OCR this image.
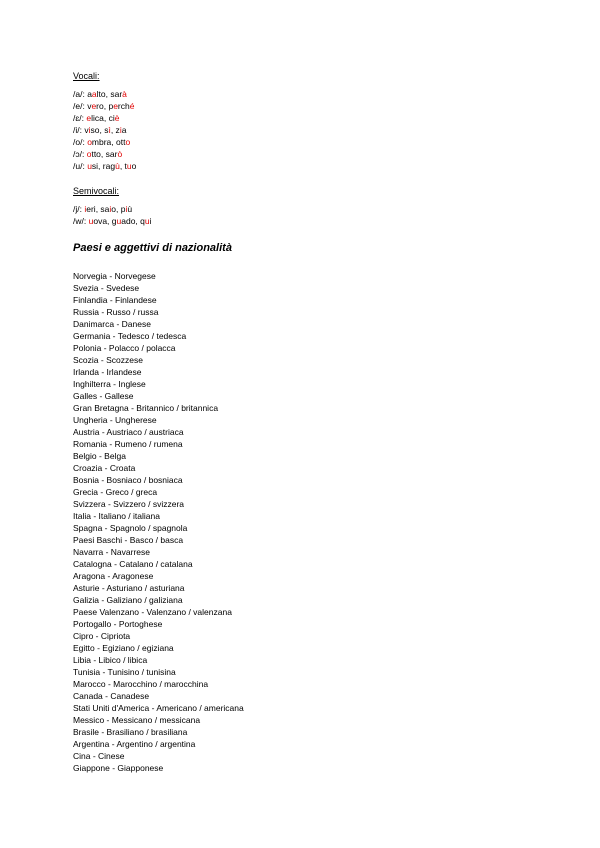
Vocali:
/a/: aalto, sarà
/e/: vero, perché
/ɛ/: elica, ciè
/i/: viso, sì, zia
/o/: ombra, otto
/ɔ/: otto, sarò
/u/: usi, ragù, tuo
Semivocali:
/j/: ieri, saio, più
/w/: uova, guado, qui
Paesi e aggettivi di nazionalità
Norvegia - Norvegese
Svezia - Svedese
Finlandia - Finlandese
Russia - Russo / russa
Danimarca - Danese
Germania - Tedesco / tedesca
Polonia - Polacco / polacca
Scozia - Scozzese
Irlanda - Irlandese
Inghilterra - Inglese
Galles - Gallese
Gran Bretagna - Britannico / britannica
Ungheria - Ungherese
Austria - Austriaco / austriaca
Romania - Rumeno / rumena
Belgio - Belga
Croazia - Croata
Bosnia - Bosniaco / bosniaca
Grecia - Greco / greca
Svizzera - Svizzero / svizzera
Italia - Italiano / italiana
Spagna - Spagnolo / spagnola
Paesi Baschi - Basco / basca
Navarra - Navarrese
Catalogna - Catalano / catalana
Aragona - Aragonese
Asturie - Asturiano / asturiana
Galizia - Galiziano / galiziana
Paese Valenzano - Valenzano / valenzana
Portogallo - Portoghese
Cipro - Cipriota
Egitto - Egiziano / egiziana
Libia - Libico / libica
Tunisia - Tunisino / tunisina
Marocco - Marocchino / marocchina
Canada - Canadese
Stati Uniti d'America - Americano / americana
Messico - Messicano / messicana
Brasile - Brasiliano / brasiliana
Argentina - Argentino / argentina
Cina - Cinese
Giappone - Giapponese
